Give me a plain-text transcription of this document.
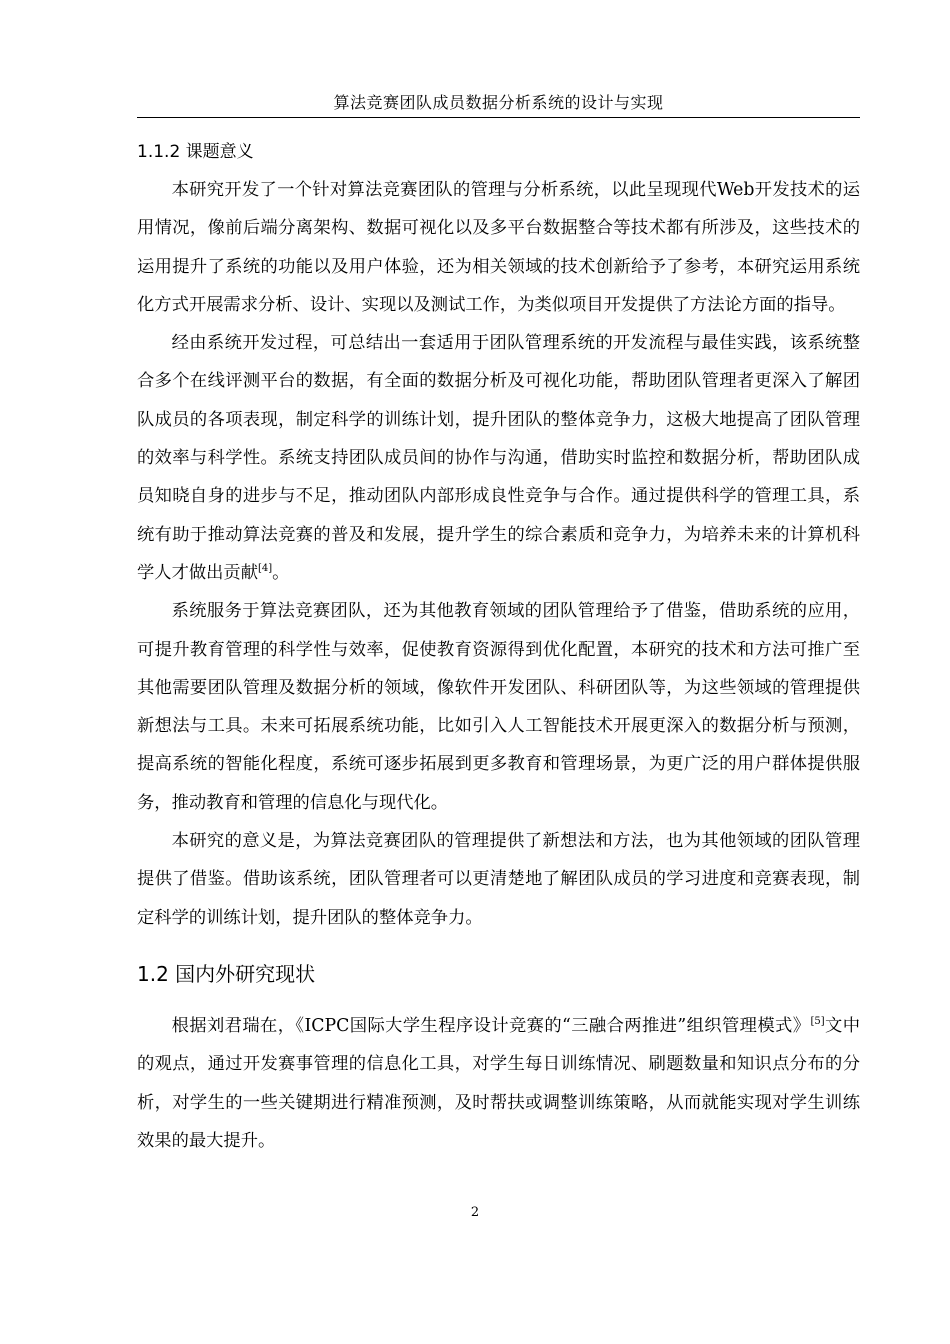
算法竞赛团队成员数据分析系统的设计与实现
1.1.2 课题意义

本研究开发了一个针对算法竞赛团队的管理与分析系统，以此呈现现代Web开发技术的运用情况，像前后端分离架构、数据可视化以及多平台数据整合等技术都有所涉及，这些技术的运用提升了系统的功能以及用户体验，还为相关领域的技术创新给予了参考，本研究运用系统化方式开展需求分析、设计、实现以及测试工作，为类似项目开发提供了方法论方面的指导。

经由系统开发过程，可总结出一套适用于团队管理系统的开发流程与最佳实践，该系统整合多个在线评测平台的数据，有全面的数据分析及可视化功能，帮助团队管理者更深入了解团队成员的各项表现，制定科学的训练计划，提升团队的整体竞争力，这极大地提高了团队管理的效率与科学性。系统支持团队成员间的协作与沟通，借助实时监控和数据分析，帮助团队成员知晓自身的进步与不足，推动团队内部形成良性竞争与合作。通过提供科学的管理工具，系统有助于推动算法竞赛的普及和发展，提升学生的综合素质和竞争力，为培养未来的计算机科学人才做出贡献[4]。

系统服务于算法竞赛团队，还为其他教育领域的团队管理给予了借鉴，借助系统的应用，可提升教育管理的科学性与效率，促使教育资源得到优化配置，本研究的技术和方法可推广至其他需要团队管理及数据分析的领域，像软件开发团队、科研团队等，为这些领域的管理提供新想法与工具。未来可拓展系统功能，比如引入人工智能技术开展更深入的数据分析与预测，提高系统的智能化程度，系统可逐步拓展到更多教育和管理场景，为更广泛的用户群体提供服务，推动教育和管理的信息化与现代化。

本研究的意义是，为算法竞赛团队的管理提供了新想法和方法，也为其他领域的团队管理提供了借鉴。借助该系统，团队管理者可以更清楚地了解团队成员的学习进度和竞赛表现，制定科学的训练计划，提升团队的整体竞争力。

1.2 国内外研究现状

根据刘君瑞在，《ICPC国际大学生程序设计竞赛的“三融合两推进”组织管理模式》[5]文中的观点，通过开发赛事管理的信息化工具，对学生每日训练情况、刷题数量和知识点分布的分析，对学生的一些关键期进行精准预测，及时帮扶或调整训练策略，从而就能实现对学生训练效果的最大提升。

2
